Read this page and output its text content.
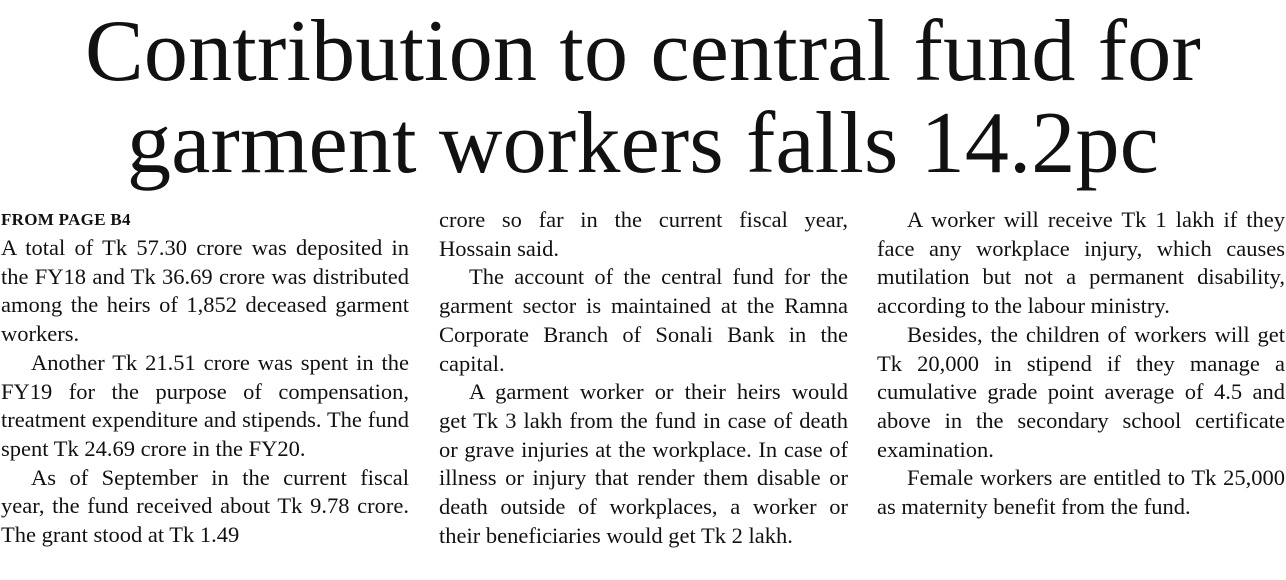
Contribution to central fund for
garment workers falls 14.2pc

FROM PAGE B4

A total of Tk 57.30 crore was deposited in the FY18 and Tk 36.69 crore was distributed among the heirs of 1,852 deceased garment workers.

Another Tk 21.51 crore was spent in the FY19 for the purpose of compensation, treatment expenditure and stipends. The fund spent Tk 24.69 crore in the FY20.

As of September in the current fiscal year, the fund received about Tk 9.78 crore. The grant stood at Tk 1.49

crore so far in the current fiscal year, Hossain said.

The account of the central fund for the garment sector is maintained at the Ramna Corporate Branch of Sonali Bank in the capital.

A garment worker or their heirs would get Tk 3 lakh from the fund in case of death or grave injuries at the workplace. In case of illness or injury that render them disable or death outside of workplaces, a worker or their beneficiaries would get Tk 2 lakh.

A worker will receive Tk 1 lakh if they face any workplace injury, which causes mutilation but not a permanent disability, according to the labour ministry.

Besides, the children of workers will get Tk 20,000 in stipend if they manage a cumulative grade point average of 4.5 and above in the secondary school certificate examination.

Female workers are entitled to Tk 25,000 as maternity benefit from the fund.
